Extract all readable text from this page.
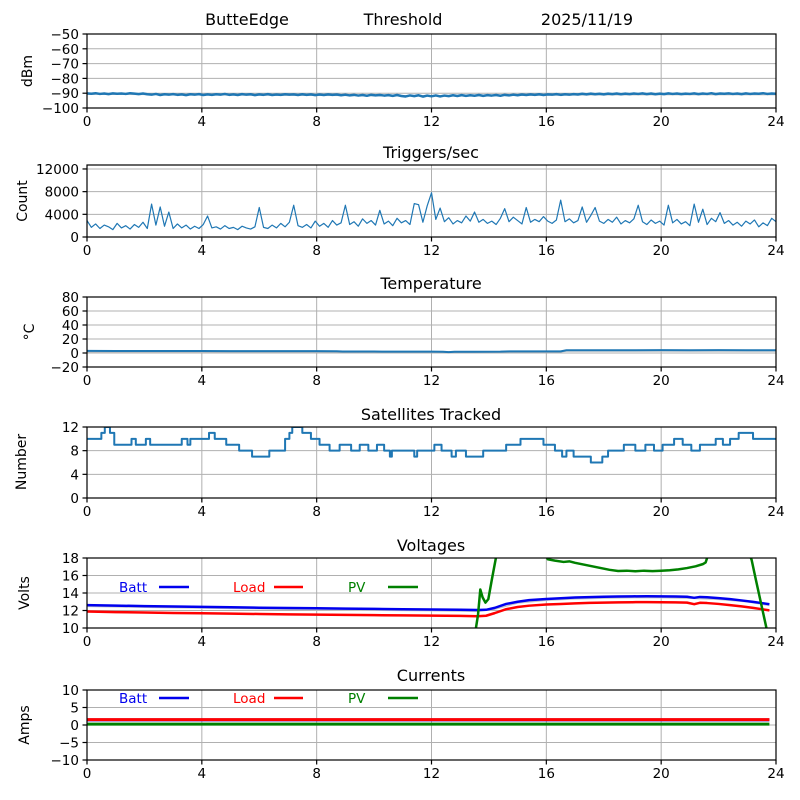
ButteEdge	Threshold	2025/11/19
Triggers/sec
Temperature
Satellites Tracked
Voltages
Currents
dBm
Count
°C
Number
Volts
Amps
0	4	8	12	16	20	24
−100
−90
−80
−70
−60
−50
0	4	8	12	16	20	24
0
4000
8000
12000
0	4	8	12	16	20	24
−20
0
20
40
60
80
0	4	8	12	16	20	24
0
4
8
12
0	4	8	12	16	20	24
10
12
14
16
18
Batt	Load	PV
0	4	8	12	16	20	24
−10
−5
0
5
10	Batt	Load	PV
